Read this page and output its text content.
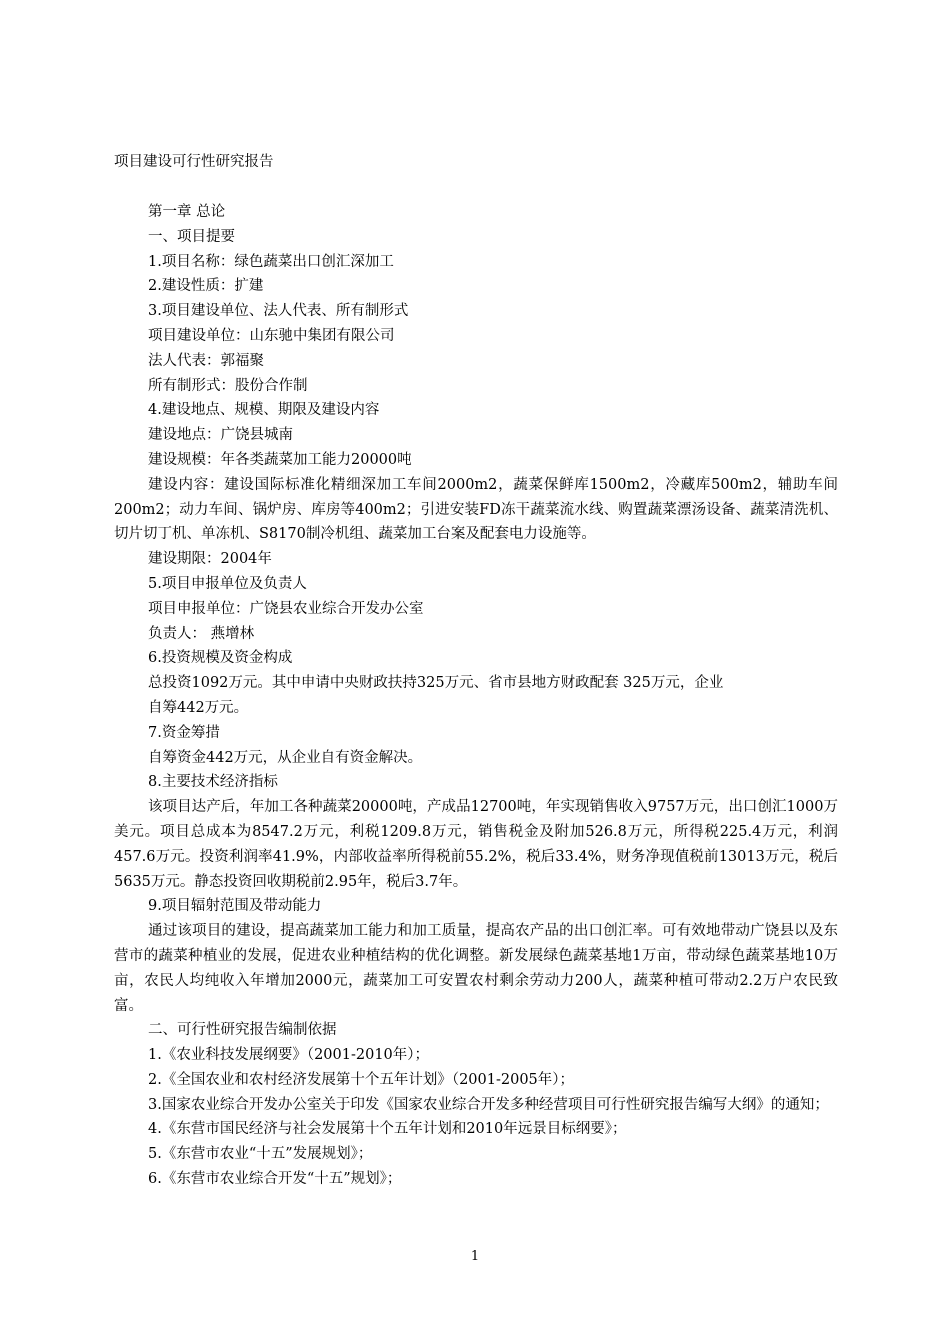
项目建设可行性研究报告

第一章 总论

一、项目提要

1.项目名称：绿色蔬菜出口创汇深加工

2.建设性质：扩建

3.项目建设单位、法人代表、所有制形式

项目建设单位：山东驰中集团有限公司

法人代表：郭福聚

所有制形式：股份合作制

4.建设地点、规模、期限及建设内容

建设地点：广饶县城南

建设规模：年各类蔬菜加工能力20000吨

建设内容：建设国际标准化精细深加工车间2000m2，蔬菜保鲜库1500m2，冷藏库500m2，辅助车间200m2；动力车间、锅炉房、库房等400m2；引进安装FD冻干蔬菜流水线、购置蔬菜漂汤设备、蔬菜清洗机、切片切丁机、单冻机、S8170制冷机组、蔬菜加工台案及配套电力设施等。

建设期限：2004年

5.项目申报单位及负责人

项目申报单位：广饶县农业综合开发办公室

负责人： 燕增林

6.投资规模及资金构成

总投资1092万元。其中申请中央财政扶持325万元、省市县地方财政配套 325万元，企业

自筹442万元。

7.资金筹措

自筹资金442万元，从企业自有资金解决。

8.主要技术经济指标

该项目达产后，年加工各种蔬菜20000吨，产成品12700吨，年实现销售收入9757万元，出口创汇1000万美元。项目总成本为8547.2万元，利税1209.8万元，销售税金及附加526.8万元，所得税225.4万元，利润457.6万元。投资利润率41.9%，内部收益率所得税前55.2%，税后33.4%，财务净现值税前13013万元，税后5635万元。静态投资回收期税前2.95年，税后3.7年。

9.项目辐射范围及带动能力

通过该项目的建设，提高蔬菜加工能力和加工质量，提高农产品的出口创汇率。可有效地带动广饶县以及东营市的蔬菜种植业的发展，促进农业种植结构的优化调整。新发展绿色蔬菜基地1万亩，带动绿色蔬菜基地10万亩，农民人均纯收入年增加2000元，蔬菜加工可安置农村剩余劳动力200人，蔬菜种植可带动2.2万户农民致富。

二、可行性研究报告编制依据

1.《农业科技发展纲要》（2001-2010年）；

2.《全国农业和农村经济发展第十个五年计划》（2001-2005年）；

3.国家农业综合开发办公室关于印发《国家农业综合开发多种经营项目可行性研究报告编写大纲》的通知；

4.《东营市国民经济与社会发展第十个五年计划和2010年远景目标纲要》；

5.《东营市农业“十五”发展规划》；

6.《东营市农业综合开发“十五”规划》；

1
